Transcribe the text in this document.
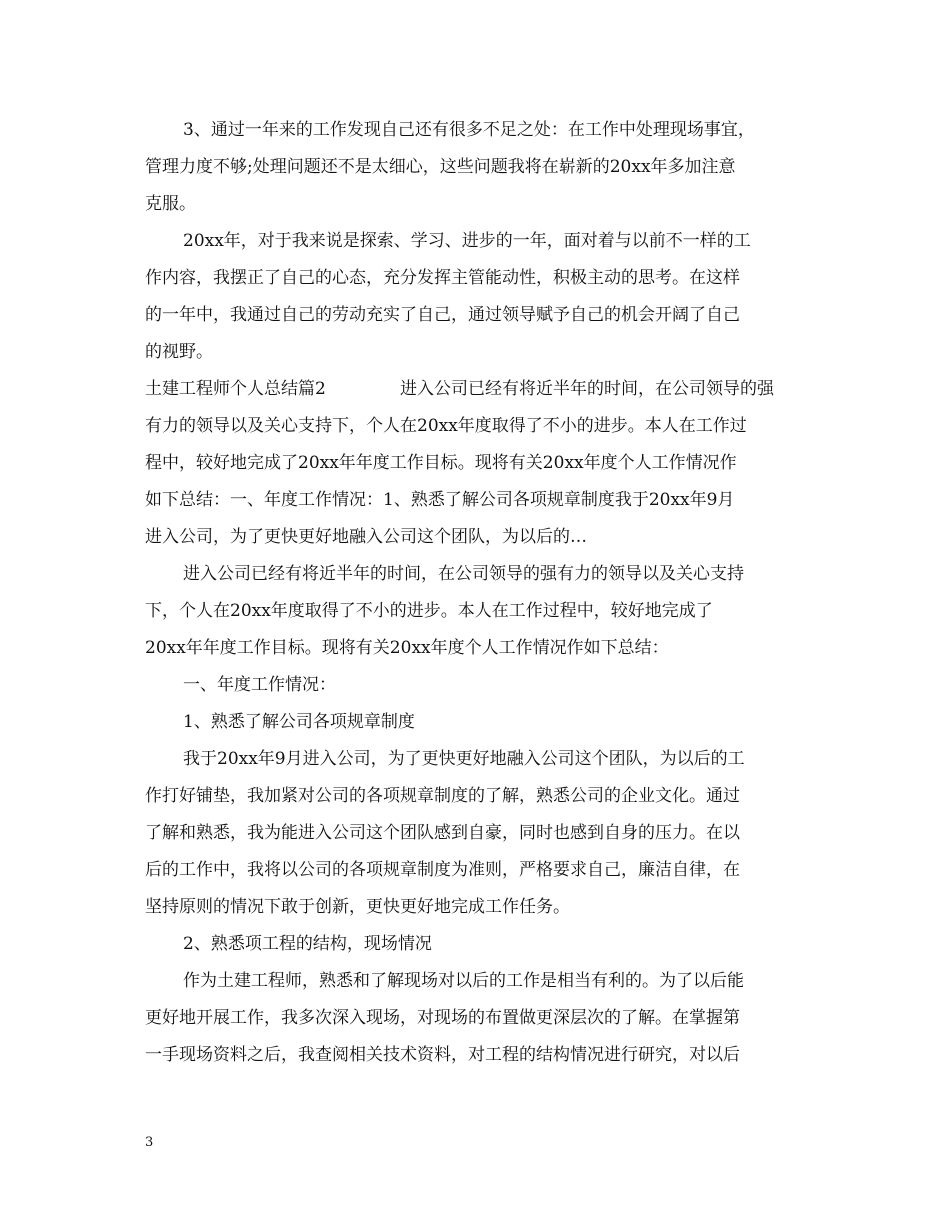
3、通过一年来的工作发现自己还有很多不足之处：在工作中处理现场事宜，
管理力度不够;处理问题还不是太细心，这些问题我将在崭新的20xx年多加注意
克服。
20xx年，对于我来说是探索、学习、进步的一年，面对着与以前不一样的工
作内容，我摆正了自己的心态，充分发挥主管能动性，积极主动的思考。在这样
的一年中，我通过自己的劳动充实了自己，通过领导赋予自己的机会开阔了自己
的视野。
土建工程师个人总结篇2	进入公司已经有将近半年的时间，在公司领导的强
有力的领导以及关心支持下，个人在20xx年度取得了不小的进步。本人在工作过
程中，较好地完成了20xx年年度工作目标。现将有关20xx年度个人工作情况作
如下总结：一、年度工作情况：1、熟悉了解公司各项规章制度我于20xx年9月
进入公司，为了更快更好地融入公司这个团队，为以后的…
进入公司已经有将近半年的时间，在公司领导的强有力的领导以及关心支持
下，个人在20xx年度取得了不小的进步。本人在工作过程中，较好地完成了
20xx年年度工作目标。现将有关20xx年度个人工作情况作如下总结：
一、年度工作情况：
1、熟悉了解公司各项规章制度
我于20xx年9月进入公司，为了更快更好地融入公司这个团队，为以后的工
作打好铺垫，我加紧对公司的各项规章制度的了解，熟悉公司的企业文化。通过
了解和熟悉，我为能进入公司这个团队感到自豪，同时也感到自身的压力。在以
后的工作中，我将以公司的各项规章制度为准则，严格要求自己，廉洁自律，在
坚持原则的情况下敢于创新，更快更好地完成工作任务。
2、熟悉项工程的结构，现场情况
作为土建工程师，熟悉和了解现场对以后的工作是相当有利的。为了以后能
更好地开展工作，我多次深入现场，对现场的布置做更深层次的了解。在掌握第
一手现场资料之后，我查阅相关技术资料，对工程的结构情况进行研究，对以后
3
